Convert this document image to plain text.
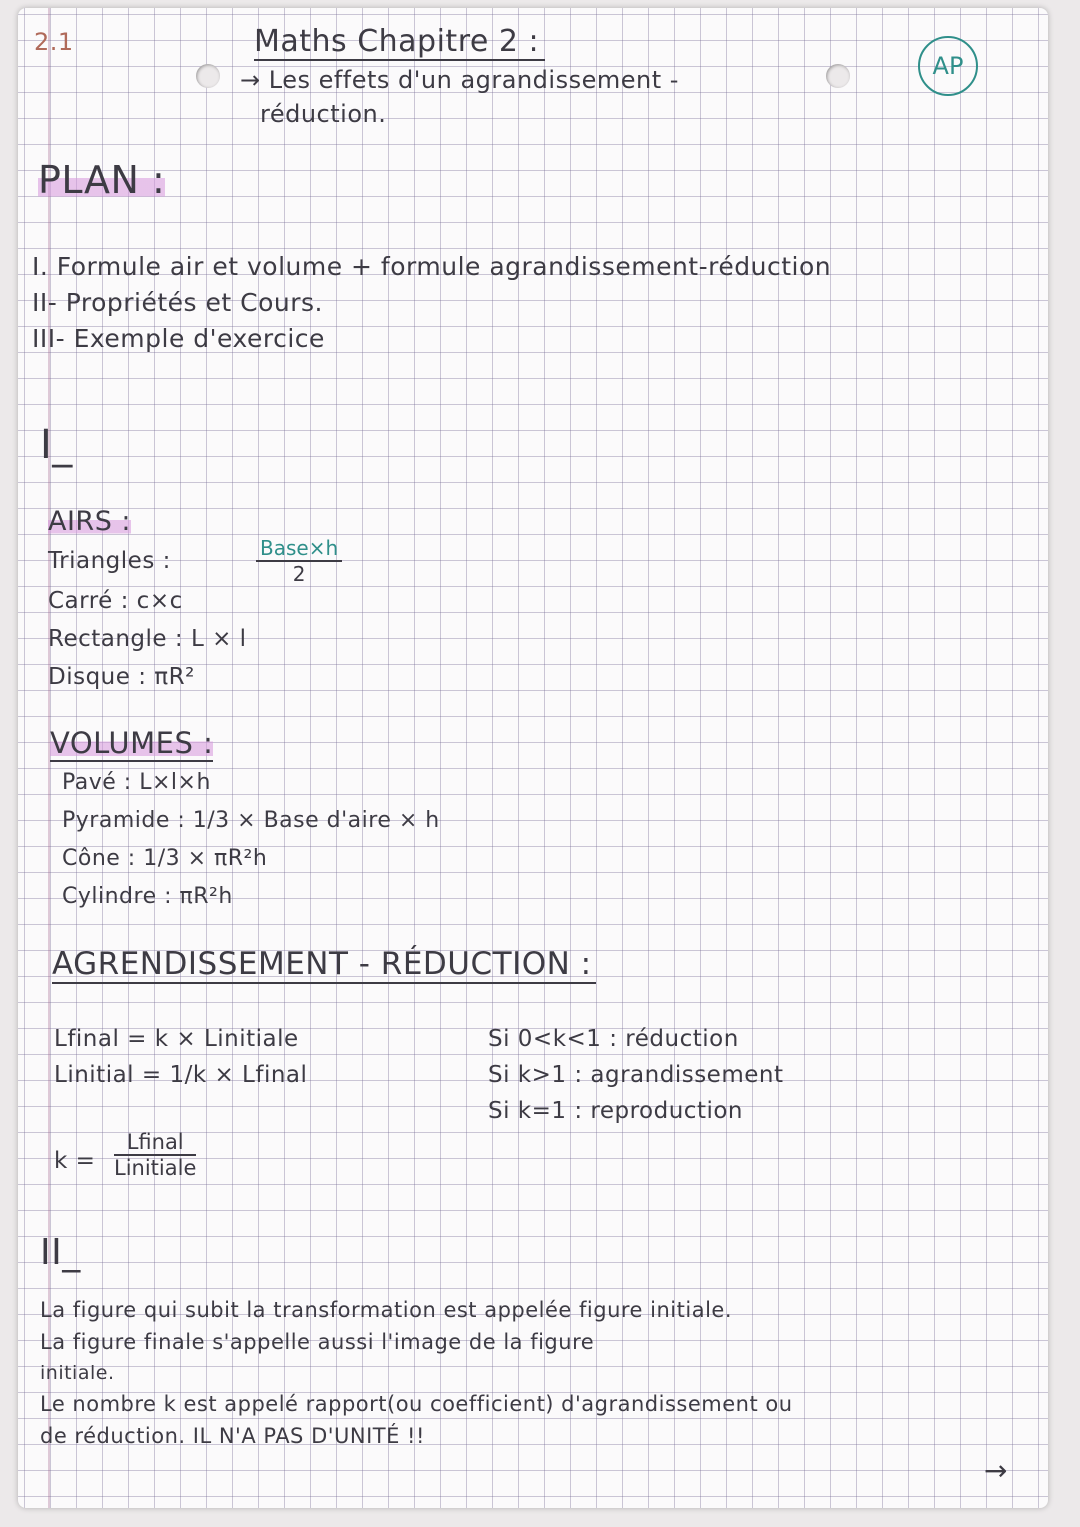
2.1	Maths Chapitre 2 :
→ Les effets d'un agrandissement -
réduction.
AP
PLAN :
I. Formule air et volume + formule agrandissement-réduction
II- Propriétés et Cours.
III- Exemple d'exercice
I_
AIRS :
Triangles :	Base×h
2
Carré : c×c
Rectangle : L × l
Disque : πR²
VOLUMES :
Pavé : L×l×h
Pyramide : 1/3 × Base d'aire × h
Cône : 1/3 × πR²h
Cylindre : πR²h
AGRENDISSEMENT - RÉDUCTION :
Lfinal = k × Linitiale
Linitial = 1/k × Lfinal
k =
Lfinal
Linitiale
Si 0<k<1 : réduction
Si k>1 : agrandissement
Si k=1 : reproduction
II_
La figure qui subit la transformation est appelée figure initiale.
La figure finale s'appelle aussi l'image de la figure
initiale.
Le nombre k est appelé rapport(ou coefficient) d'agrandissement ou
de réduction. IL N'A PAS D'UNITÉ !!
→
